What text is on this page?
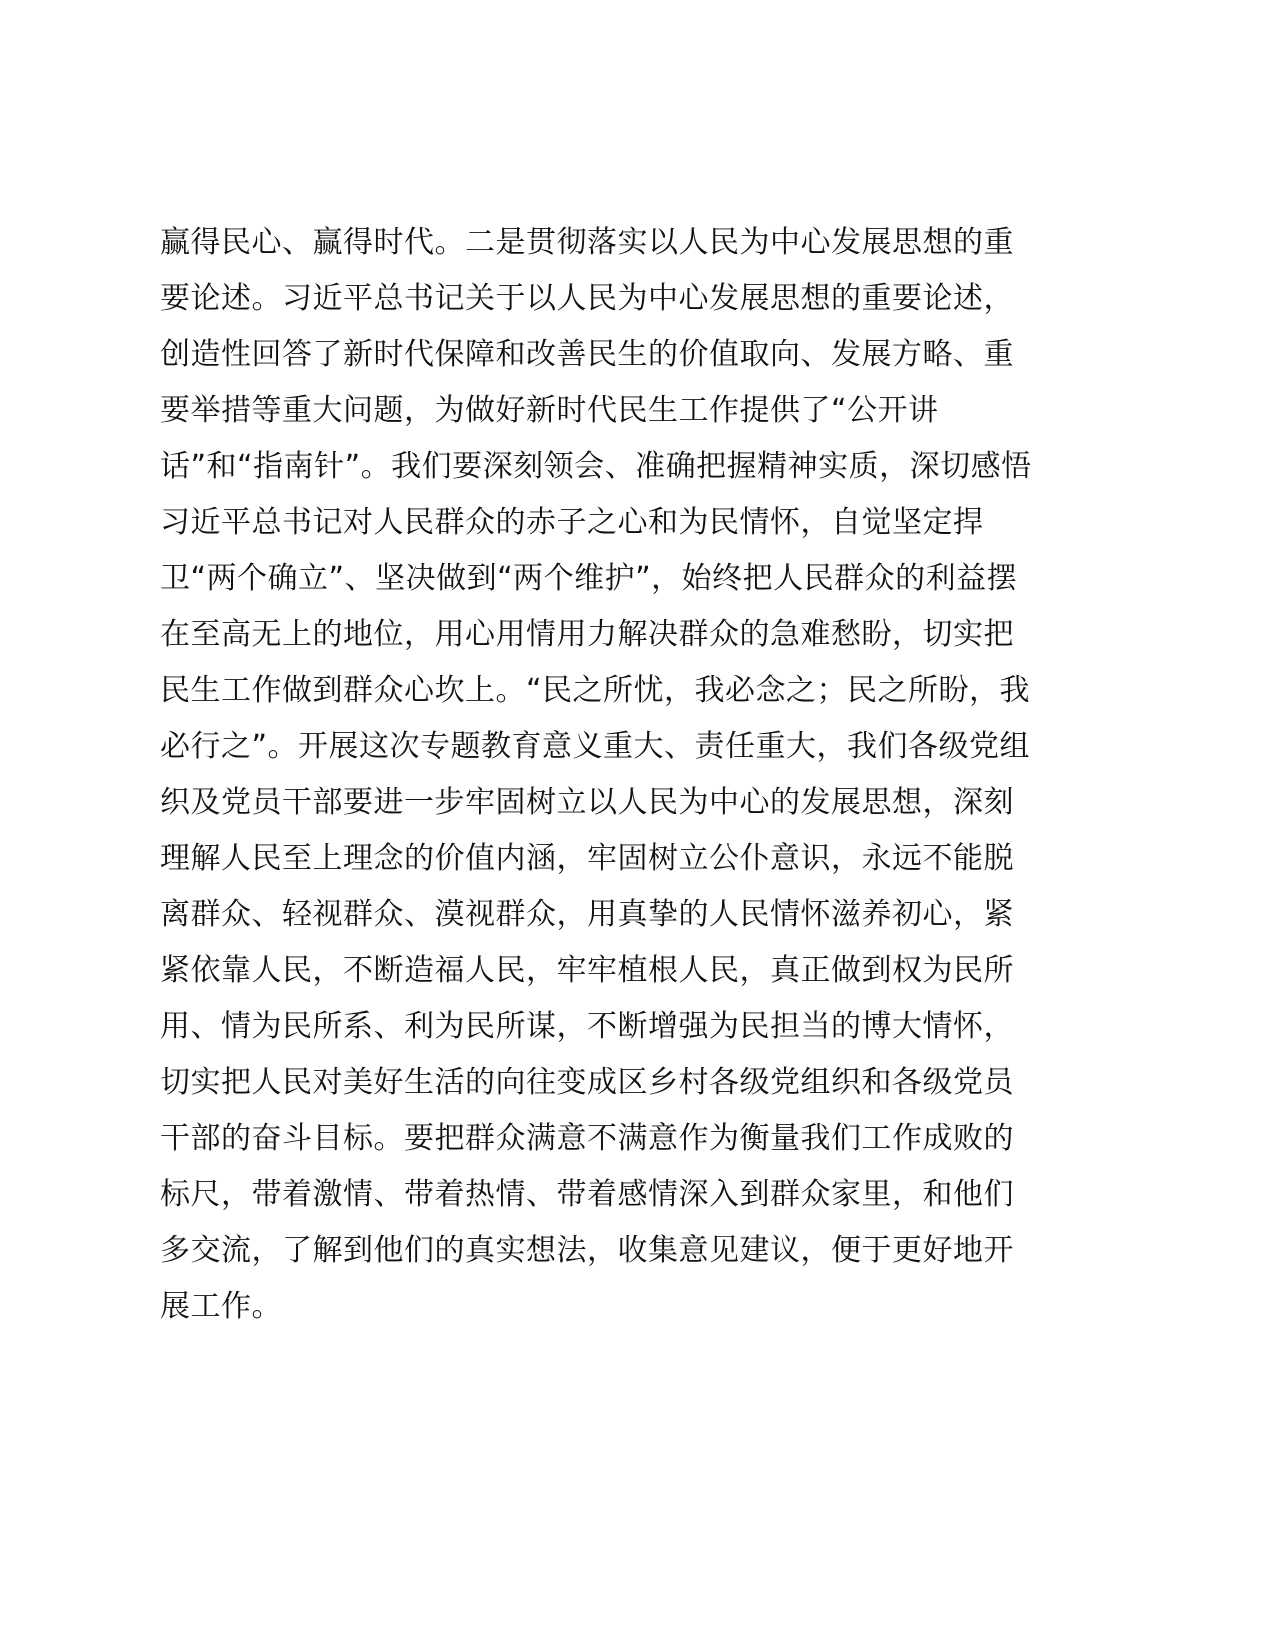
赢得民心、赢得时代。二是贯彻落实以人民为中心发展思想的重
要论述。习近平总书记关于以人民为中心发展思想的重要论述，
创造性回答了新时代保障和改善民生的价值取向、发展方略、重
要举措等重大问题，为做好新时代民生工作提供了“公开讲
话”和“指南针”。我们要深刻领会、准确把握精神实质，深切感悟
习近平总书记对人民群众的赤子之心和为民情怀，自觉坚定捍
卫“两个确立”、坚决做到“两个维护”，始终把人民群众的利益摆
在至高无上的地位，用心用情用力解决群众的急难愁盼，切实把
民生工作做到群众心坎上。“民之所忧，我必念之；民之所盼，我
必行之”。开展这次专题教育意义重大、责任重大，我们各级党组
织及党员干部要进一步牢固树立以人民为中心的发展思想，深刻
理解人民至上理念的价值内涵，牢固树立公仆意识，永远不能脱
离群众、轻视群众、漠视群众，用真挚的人民情怀滋养初心，紧
紧依靠人民，不断造福人民，牢牢植根人民，真正做到权为民所
用、情为民所系、利为民所谋，不断增强为民担当的博大情怀，
切实把人民对美好生活的向往变成区乡村各级党组织和各级党员
干部的奋斗目标。要把群众满意不满意作为衡量我们工作成败的
标尺，带着激情、带着热情、带着感情深入到群众家里，和他们
多交流，了解到他们的真实想法，收集意见建议，便于更好地开
展工作。
